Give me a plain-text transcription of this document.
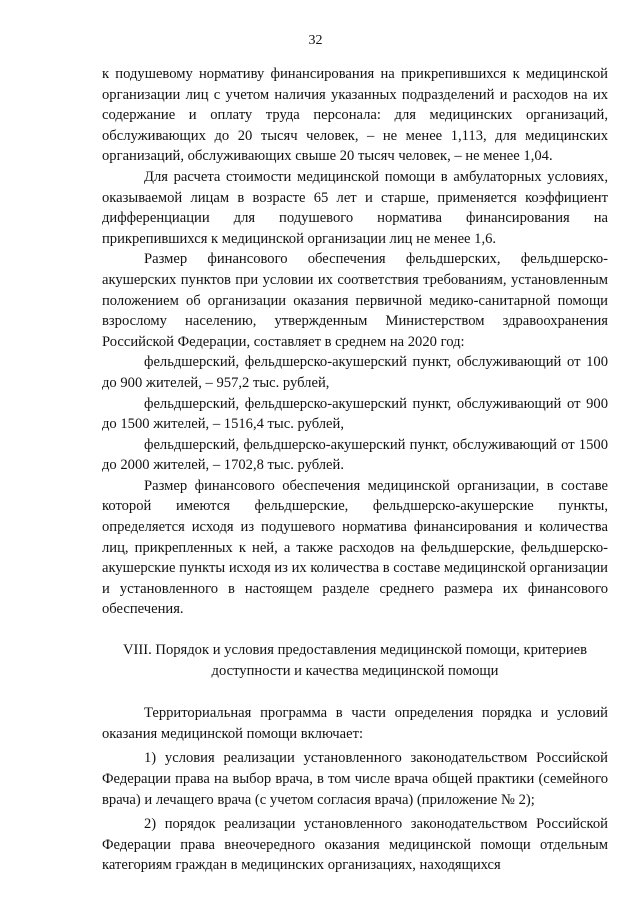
32

к подушевому нормативу финансирования на прикрепившихся к медицинской организации лиц с учетом наличия указанных подразделений и расходов на их содержание и оплату труда персонала: для медицинских организаций, обслуживающих до 20 тысяч человек, – не менее 1,113, для медицинских организаций, обслуживающих свыше 20 тысяч человек, – не менее 1,04.

Для расчета стоимости медицинской помощи в амбулаторных условиях, оказываемой лицам в возрасте 65 лет и старше, применяется коэффициент дифференциации для подушевого норматива финансирования на прикрепившихся к медицинской организации лиц не менее 1,6.

Размер финансового обеспечения фельдшерских, фельдшерско-акушерских пунктов при условии их соответствия требованиям, установленным положением об организации оказания первичной медико-санитарной помощи взрослому населению, утвержденным Министерством здравоохранения Российской Федерации, составляет в среднем на 2020 год:

фельдшерский, фельдшерско-акушерский пункт, обслуживающий от 100 до 900 жителей, – 957,2 тыс. рублей,

фельдшерский, фельдшерско-акушерский пункт, обслуживающий от 900 до 1500 жителей, – 1516,4 тыс. рублей,

фельдшерский, фельдшерско-акушерский пункт, обслуживающий от 1500 до 2000 жителей, – 1702,8 тыс. рублей.

Размер финансового обеспечения медицинской организации, в составе которой имеются фельдшерские, фельдшерско-акушерские пункты, определяется исходя из подушевого норматива финансирования и количества лиц, прикрепленных к ней, а также расходов на фельдшерские, фельдшерско-акушерские пункты исходя из их количества в составе медицинской организации и установленного в настоящем разделе среднего размера их финансового обеспечения.

VIII. Порядок и условия предоставления медицинской помощи, критериев
доступности и качества медицинской помощи

Территориальная программа в части определения порядка и условий оказания медицинской помощи включает:

1) условия реализации установленного законодательством Российской Федерации права на выбор врача, в том числе врача общей практики (семейного врача) и лечащего врача (с учетом согласия врача) (приложение № 2);

2) порядок реализации установленного законодательством Российской Федерации права внеочередного оказания медицинской помощи отдельным категориям граждан в медицинских организациях, находящихся
